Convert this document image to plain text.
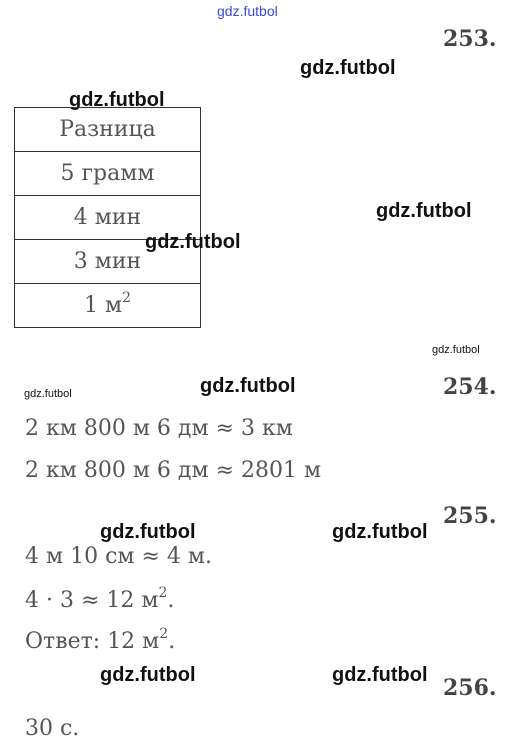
gdz.futbol
gdz.futbol
gdz.futbol
gdz.futbol
gdz.futbol
gdz.futbol	gdz.futbol
gdz.futbol	gdz.futbol
gdz.futbol	gdz.futbol
253.
Разница
5 грамм
4 мин
3 мин
1 $м^2$
gdz.futbol
254.
2 км 800 м 6 дм ≈ 3 км
2 км 800 м 6 дм ≈ 2801 м
255.
4 м 10 см ≈ 4 м.
4 · 3 ≈ 12 $м^2$.
Ответ: 12 $м^2$.
256.
30 с.
